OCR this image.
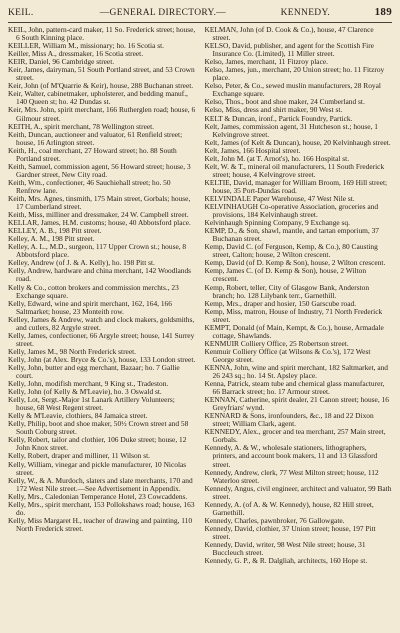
KEIL.	—GENERAL DIRECTORY.—	KENNEDY.	189

KEIL, John, pattern-card maker, 11 So. Frederick street; house, 6 South Kinning place.

KEILLER, William M., missionary; ho. 16 Scotia st.

Keiller, Miss A., dressmaker, 16 Scotia street.

KEIR, Daniel, 96 Cambridge street.

Keir, James, dairyman, 51 South Portland street, and 53 Crown street.

Keir, John (of M'Quarrie & Keir), house, 288 Buchanan street.

Keir, Walter, cabinetmaker, upholsterer, and bedding manuf., 140 Queen st; ho. 42 Dundas st.

Keir, Mrs. John, spirit merchant, 166 Rutherglen road; house, 6 Gilmour street.

KEITH, A., spirit merchant, 78 Wellington street.

Keith, Duncan, auctioneer and valuator, 61 Renfield street; house, 16 Arlington street.

Keith, H., coal merchant, 27 Howard street; ho. 88 South Portland street.

Keith, Samuel, commission agent, 56 Howard street; house, 3 Gardner street, New City road.

Keith, Wm., confectioner, 46 Sauchiehall street; ho. 50 Renfrew lane.

Keith, Mrs. Agnes, tinsmith, 175 Main street, Gorbals; house, 17 Cumberland street.

Keith, Miss, milliner and dressmaker, 24 W. Campbell street.

KELLAR, James, H.M. customs; house, 40 Abbotsford place.

KELLEY, A. B., 198 Pitt street.

Kelley, A. M., 198 Pitt street.

Kelley, A. L., M.D., surgeon, 117 Upper Crown st.; house, 8 Abbotsford place.

Kelley, Andrew (of J. & A. Kelly), ho. 198 Pitt st.

Kelly, Andrew, hardware and china merchant, 142 Woodlands road.

Kelly & Co., cotton brokers and commission merchts., 23 Exchange square.

Kelly, Edward, wine and spirit merchant, 162, 164, 166 Saltmarket; house, 23 Monteith row.

Kelley, James & Andrew, watch and clock makers, goldsmiths, and cutlers, 82 Argyle street.

Kelly, James, confectioner, 66 Argyle street; house, 141 Surrey street.

Kelly, James M., 98 North Frederick street.

Kelly, John (at Alex. Bryce & Co.'s), house, 133 London street.

Kelly, John, butter and egg merchant, Bazaar; ho. 7 Gallie court.

Kelly, John, modifish merchant, 9 King st., Tradeston.

Kelly, John (of Kelly & M'Leavie), ho. 3 Oswald st.

Kelly, Lot, Sergt.-Major 1st Lanark Artillery Volunteers; house, 68 West Regent street.

Kelly & M'Leavie, clothiers, 84 Jamaica street.

Kelly, Philip, boot and shoe maker, 50½ Crown street and 58 South Coburg street.

Kelly, Robert, tailor and clothier, 106 Duke street; house, 12 John Knox street.

Kelly, Robert, draper and milliner, 11 Wilson st.

Kelly, William, vinegar and pickle manufacturer, 10 Nicolas street.

Kelly, W., & A. Murdoch, slaters and slate merchants, 170 and 172 West Nile street.—See Advertisement in Appendix.

Kelly, Mrs., Caledonian Temperance Hotel, 23 Cowcaddens.

Kelly, Mrs., spirit merchant, 153 Pollokshaws road; house, 163 do.

Kelly, Miss Margaret H., teacher of drawing and painting, 110 North Frederick street.

KELMAN, John (of D. Cook & Co.), house, 47 Clarence street.

KELSO, David, publisher, and agent for the Scottish Fire Insurance Co. (Limited), 11 Miller street.

Kelso, James, merchant, 11 Fitzroy place.

Kelso, James, jun., merchant, 20 Union street; ho. 11 Fitzroy place.

Kelso, Peter, & Co., sewed muslin manufacturers, 28 Royal Exchange square.

Kelso, Thos., boot and shoe maker, 24 Cumberland st.

Kelso, Miss, dress and shirt maker, 90 West st.

KELT & Duncan, ironf., Partick Foundry, Partick.

Kelt, James, commission agent, 31 Hutcheson st.; house, 1 Kelvingrove street.

Kelt, James (of Kelt & Duncan), house, 20 Kelvinhaugh street.

Kelt, James, 166 Hospital street.

Kelt, John M. (at T. Arnot's), ho. 166 Hospital st.

Kelt, W. & T., mineral oil manufacturers, 11 South Frederick street; house, 4 Kelvingrove street.

KELTIE, David, manager for William Broom, 169 Hill street; house, 35 Port-Dundas road.

KELVINDALE Paper Warehouse, 47 West Nile st.

KELVINHAUGH Co-operative Association, groceries and provisions, 184 Kelvinhaugh street.

Kelvinhaugh Spinning Company, 9 Exchange sq.

KEMP, D., & Son, shawl, mantle, and tartan emporium, 37 Buchanan street.

Kemp, David C. (of Ferguson, Kemp, & Co.), 80 Causting street, Calton; house, 2 Wilton crescent.

Kemp, David (of D. Kemp & Son), house, 2 Wilton crescent.

Kemp, James C. (of D. Kemp & Son), house, 2 Wilton crescent.

Kemp, Robert, teller, City of Glasgow Bank, Anderston branch; ho. 128 Lilybank terr., Garnethill.

Kemp, Mrs., draper and hosier, 150 Garscube road.

Kemp, Miss, matron, House of Industry, 71 North Frederick street.

KEMPT, Donald (of Main, Kempt, & Co.), house, Armadale cottage, Shawlands.

KENMUIR Colliery Office, 25 Robertson street.

Kenmuir Colliery Office (at Wilsons & Co.'s), 172 West George street.

KENNA, John, wine and spirit merchant, 182 Saltmarket, and 26 243 sq.; ho. 14 St. Apsley place.

Kenna, Patrick, steam tube and chemical glass manufacturer, 66 Barrack street; ho. 17 Armour street.

KENNAN, Catherine, spirit dealer, 21 Canon street; house, 16 Greyfriars' wynd.

KENNARD & Sons, ironfounders, &c., 18 and 22 Dixon street; William Clark, agent.

KENNEDY, Alex., grocer and tea merchant, 257 Main street, Gorbals.

Kennedy, A. & W., wholesale stationers, lithographers, printers, and account book makers, 11 and 13 Glassford street.

Kennedy, Andrew, clerk, 77 West Milton street; house, 112 Waterloo street.

Kennedy, Angus, civil engineer, architect and valuator, 99 Bath street.

Kennedy, A. (of A. & W. Kennedy), house, 82 Hill street, Garnethill.

Kennedy, Charles, pawnbroker, 76 Gallowgate.

Kennedy, David, clothier, 37 Union street; house, 197 Pitt street.

Kennedy, David, writer, 98 West Nile street; house, 31 Buccleuch street.

Kennedy, G. P., & R. Dalgliah, architects, 160 Hope st.
